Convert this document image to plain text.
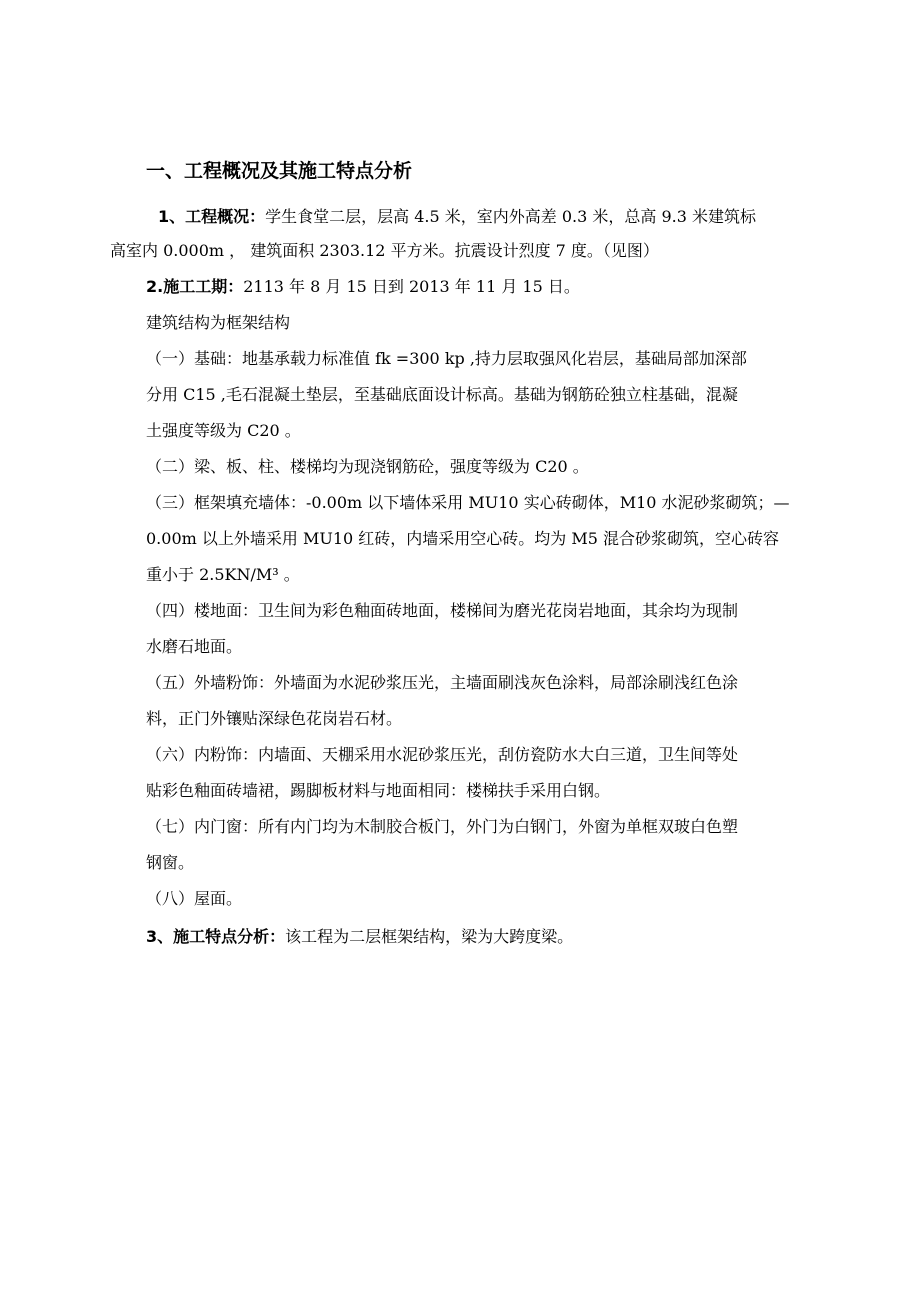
一、工程概况及其施工特点分析
1、工程概况：学生食堂二层，层高 4.5 米，室内外高差 0.3 米，总高 9.3 米建筑标
高室内 0.000m ， 建筑面积 2303.12 平方米。抗震设计烈度 7 度。（见图）
2.施工工期：2113 年 8 月 15 日到 2013 年 11 月 15 日。
建筑结构为框架结构
（一）基础：地基承载力标准值 fk =300 kp ,持力层取强风化岩层，基础局部加深部
分用 C15 ,毛石混凝土垫层，至基础底面设计标高。基础为钢筋砼独立柱基础，混凝
土强度等级为 C20 。
（二）梁、板、柱、楼梯均为现浇钢筋砼，强度等级为 C20 。
（三）框架填充墙体：-0.00m 以下墙体采用 MU10 实心砖砌体，M10 水泥砂浆砌筑；—
0.00m 以上外墙采用 MU10 红砖，内墙采用空心砖。均为 M5 混合砂浆砌筑，空心砖容
重小于 2.5KN/M³ 。
（四）楼地面：卫生间为彩色釉面砖地面，楼梯间为磨光花岗岩地面，其余均为现制
水磨石地面。
（五）外墙粉饰：外墙面为水泥砂浆压光，主墙面刷浅灰色涂料，局部涂刷浅红色涂
料，正门外镶贴深绿色花岗岩石材。
（六）内粉饰：内墙面、天棚采用水泥砂浆压光，刮仿瓷防水大白三道，卫生间等处
贴彩色釉面砖墙裙，踢脚板材料与地面相同：楼梯扶手采用白钢。
（七）内门窗：所有内门均为木制胶合板门，外门为白钢门，外窗为单框双玻白色塑
钢窗。
（八）屋面。
3、施工特点分析：该工程为二层框架结构，梁为大跨度梁。
